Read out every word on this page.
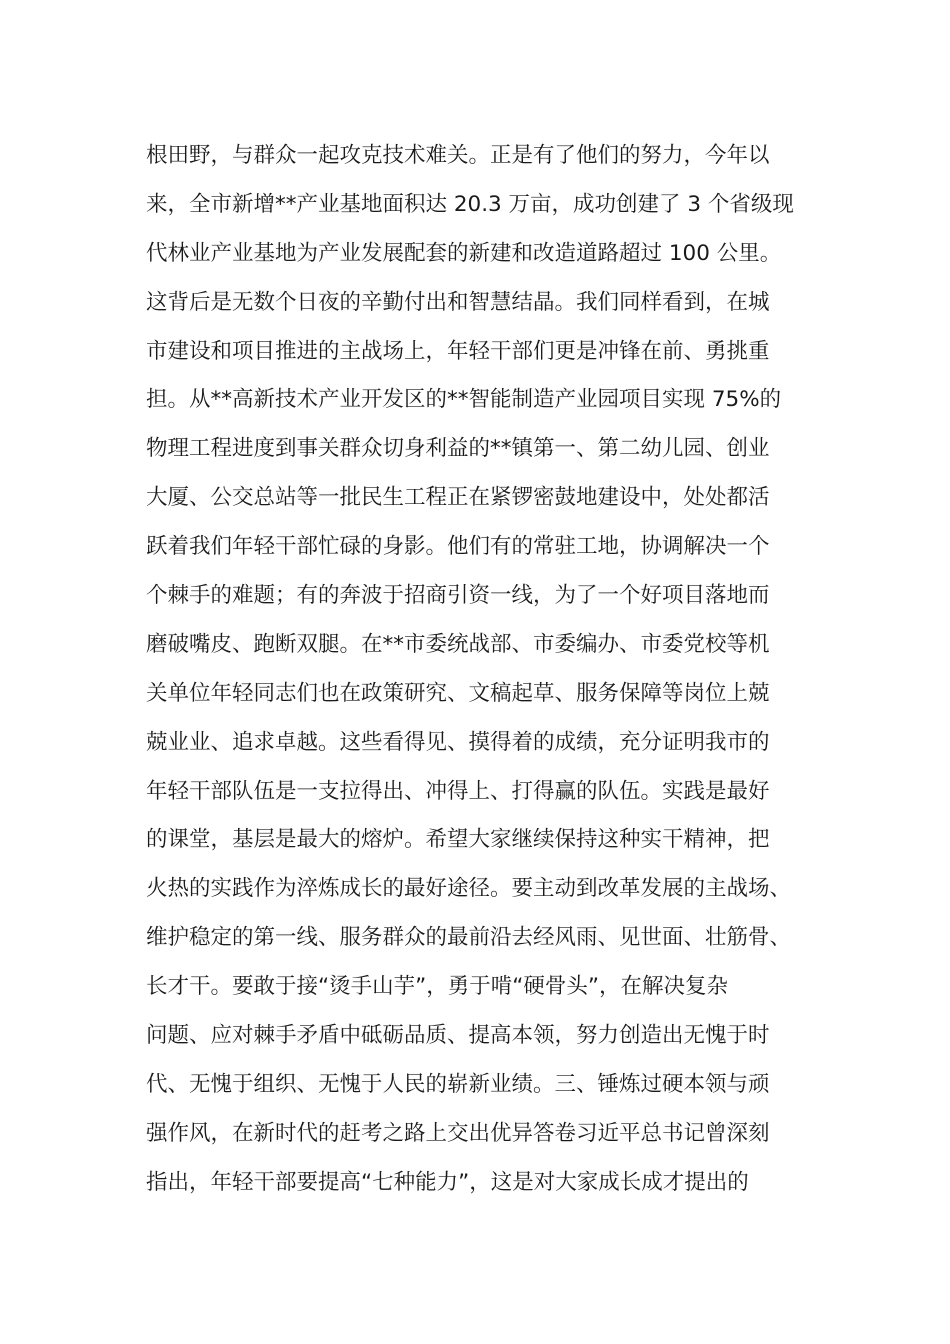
根田野，与群众一起攻克技术难关。正是有了他们的努力，今年以
来，全市新增**产业基地面积达 20.3 万亩，成功创建了 3 个省级现
代林业产业基地为产业发展配套的新建和改造道路超过 100 公里。
这背后是无数个日夜的辛勤付出和智慧结晶。我们同样看到，在城
市建设和项目推进的主战场上，年轻干部们更是冲锋在前、勇挑重
担。从**高新技术产业开发区的**智能制造产业园项目实现 75%的
物理工程进度到事关群众切身利益的**镇第一、第二幼儿园、创业
大厦、公交总站等一批民生工程正在紧锣密鼓地建设中，处处都活
跃着我们年轻干部忙碌的身影。他们有的常驻工地，协调解决一个
个棘手的难题；有的奔波于招商引资一线，为了一个好项目落地而
磨破嘴皮、跑断双腿。在**市委统战部、市委编办、市委党校等机
关单位年轻同志们也在政策研究、文稿起草、服务保障等岗位上兢
兢业业、追求卓越。这些看得见、摸得着的成绩，充分证明我市的
年轻干部队伍是一支拉得出、冲得上、打得赢的队伍。实践是最好
的课堂，基层是最大的熔炉。希望大家继续保持这种实干精神，把
火热的实践作为淬炼成长的最好途径。要主动到改革发展的主战场、
维护稳定的第一线、服务群众的最前沿去经风雨、见世面、壮筋骨、
长才干。要敢于接“烫手山芋”，勇于啃“硬骨头”，在解决复杂
问题、应对棘手矛盾中砥砺品质、提高本领，努力创造出无愧于时
代、无愧于组织、无愧于人民的崭新业绩。三、锤炼过硬本领与顽
强作风，在新时代的赶考之路上交出优异答卷习近平总书记曾深刻
指出，年轻干部要提高“七种能力”，这是对大家成长成才提出的
